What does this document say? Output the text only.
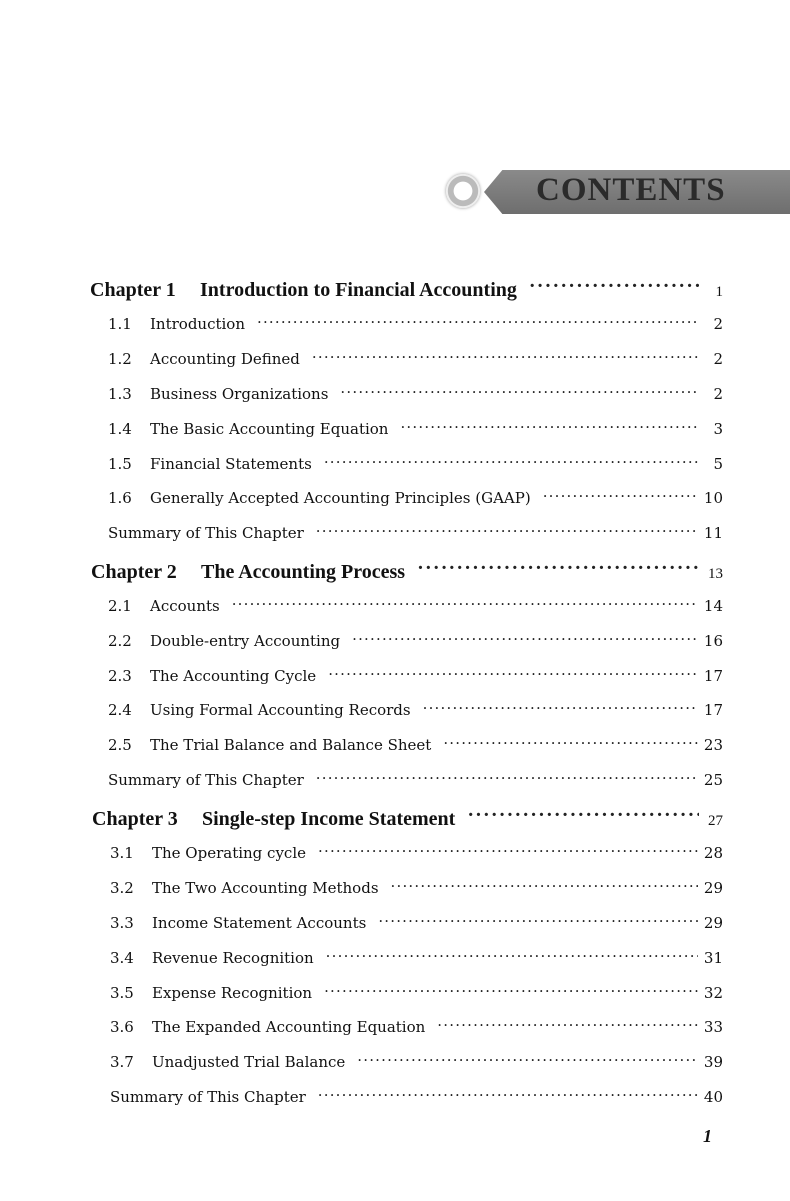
CONTENTS
Chapter 1	Introduction to Financial Accounting ·····	1
1.1	Introduction ·····	2
1.2	Accounting Defined ·····	2
1.3	Business Organizations ·····	2
1.4	The Basic Accounting Equation ·····	3
1.5	Financial Statements ·····	5
1.6	Generally Accepted Accounting Principles (GAAP) ·····	10
Summary of This Chapter ·····	11
Chapter 2	The Accounting Process ·····	13
2.1	Accounts ·····	14
2.2	Double-entry Accounting ·····	16
2.3	The Accounting Cycle ·····	17
2.4	Using Formal Accounting Records ·····	17
2.5	The Trial Balance and Balance Sheet ·····	23
Summary of This Chapter ·····	25
Chapter 3	Single-step Income Statement ·····	27
3.1	The Operating cycle ·····	28
3.2	The Two Accounting Methods ·····	29
3.3	Income Statement Accounts ·····	29
3.4	Revenue Recognition ·····	31
3.5	Expense Recognition ·····	32
3.6	The Expanded Accounting Equation ·····	33
3.7	Unadjusted Trial Balance ·····	39
Summary of This Chapter ·····	40
1
